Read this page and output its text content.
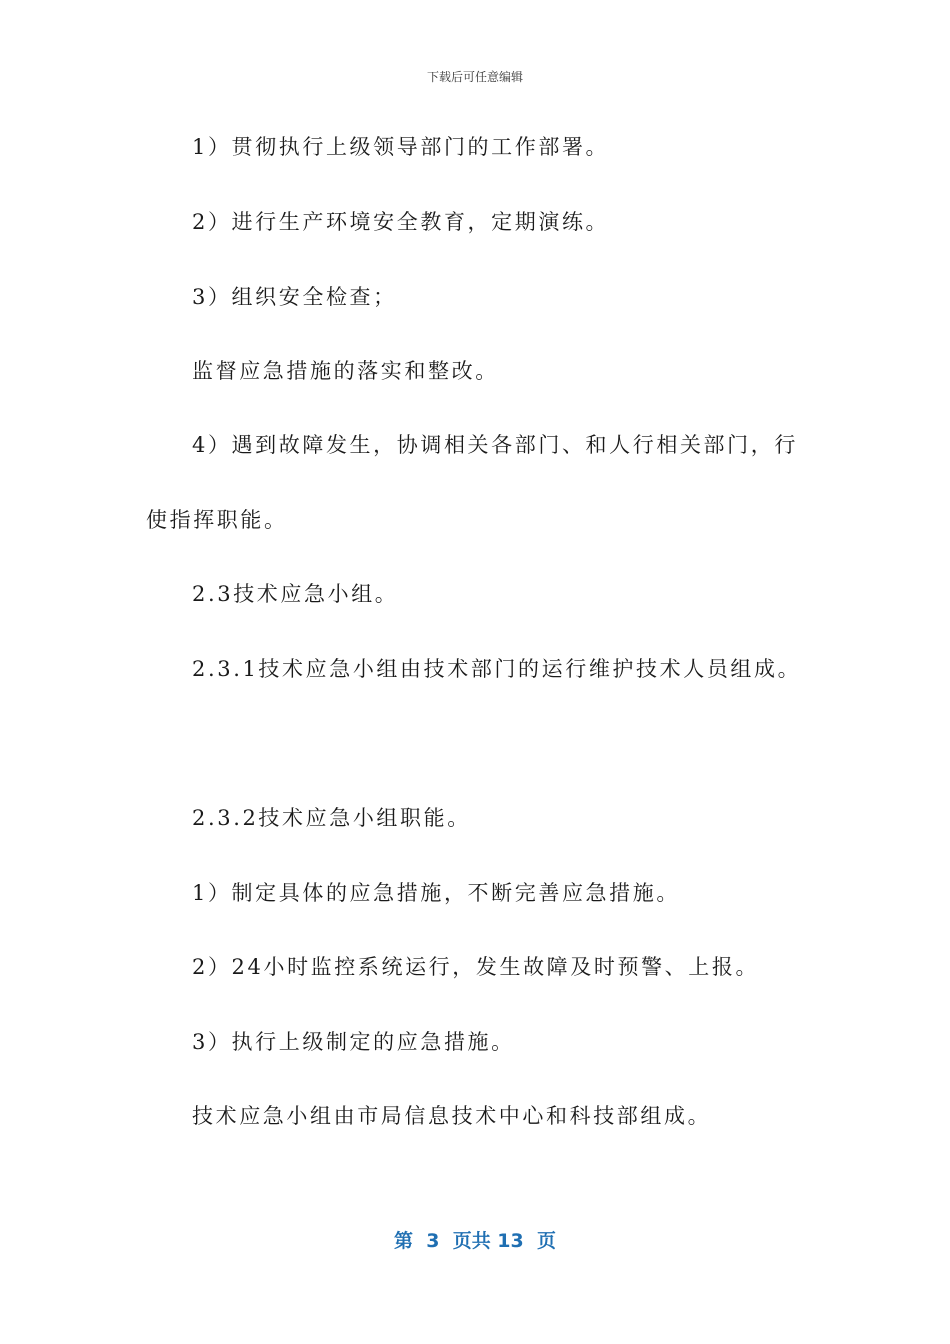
下载后可任意编辑
1）贯彻执行上级领导部门的工作部署。
2）进行生产环境安全教育，定期演练。
3）组织安全检查；
监督应急措施的落实和整改。
4）遇到故障发生，协调相关各部门、和人行相关部门，行
使指挥职能。
2.3技术应急小组。
2.3.1技术应急小组由技术部门的运行维护技术人员组成。
2.3.2技术应急小组职能。
1）制定具体的应急措施，不断完善应急措施。
2）24小时监控系统运行，发生故障及时预警、上报。
3）执行上级制定的应急措施。
技术应急小组由市局信息技术中心和科技部组成。
第  3  页共 13  页
